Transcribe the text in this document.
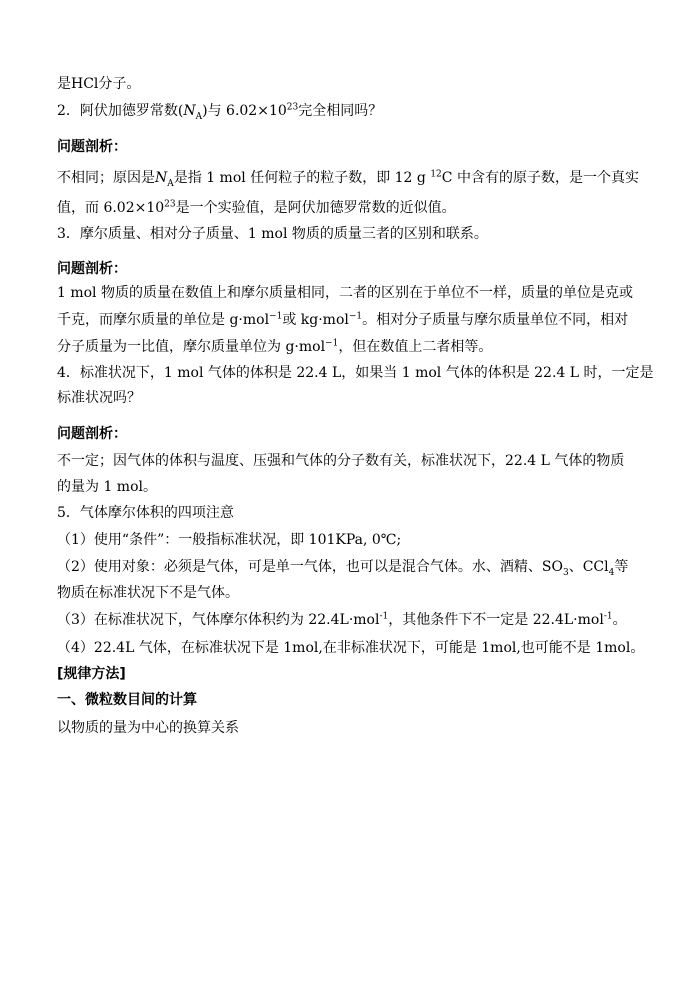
是HCl分子。
2．阿伏加德罗常数$(N_A)$与 $6.02\times 10^{23}$完全相同吗？
问题剖析：
不相同；原因是$N_A$是指 1 mol 任何粒子的粒子数，即 12 g $^{12}$C 中含有的原子数，是一个真实
值，而 $6.02\times 10^{23}$是一个实验值，是阿伏加德罗常数的近似值。
3．摩尔质量、相对分子质量、1 mol 物质的质量三者的区别和联系。
问题剖析：
1 mol 物质的质量在数值上和摩尔质量相同，二者的区别在于单位不一样，质量的单位是克或
千克，而摩尔质量的单位是 g·mol$^{-1}$或 kg·mol$^{-1}$。相对分子质量与摩尔质量单位不同，相对
分子质量为一比值，摩尔质量单位为 g·mol$^{-1}$，但在数值上二者相等。
4．标准状况下，1 mol 气体的体积是 22.4 L，如果当 1 mol 气体的体积是 22.4 L 时，一定是
标准状况吗？
问题剖析：
不一定；因气体的体积与温度、压强和气体的分子数有关，标准状况下，22.4 L 气体的物质
的量为 1 mol。
5．气体摩尔体积的四项注意
（1）使用“条件”：一般指标准状况，即 101KPa, 0℃;
（2）使用对象：必须是气体，可是单一气体，也可以是混合气体。水、酒精、$SO_3$、CCl$_4$等
物质在标准状况下不是气体。
（3）在标准状况下，气体摩尔体积约为 22.4L·mol$^{-1}$，其他条件下不一定是 22.4L·mol$^{-1}$。
（4）22.4L 气体，在标准状况下是 1mol,在非标准状况下，可能是 1mol,也可能不是 1mol。
[规律方法]
一、微粒数目间的计算
以物质的量为中心的换算关系
